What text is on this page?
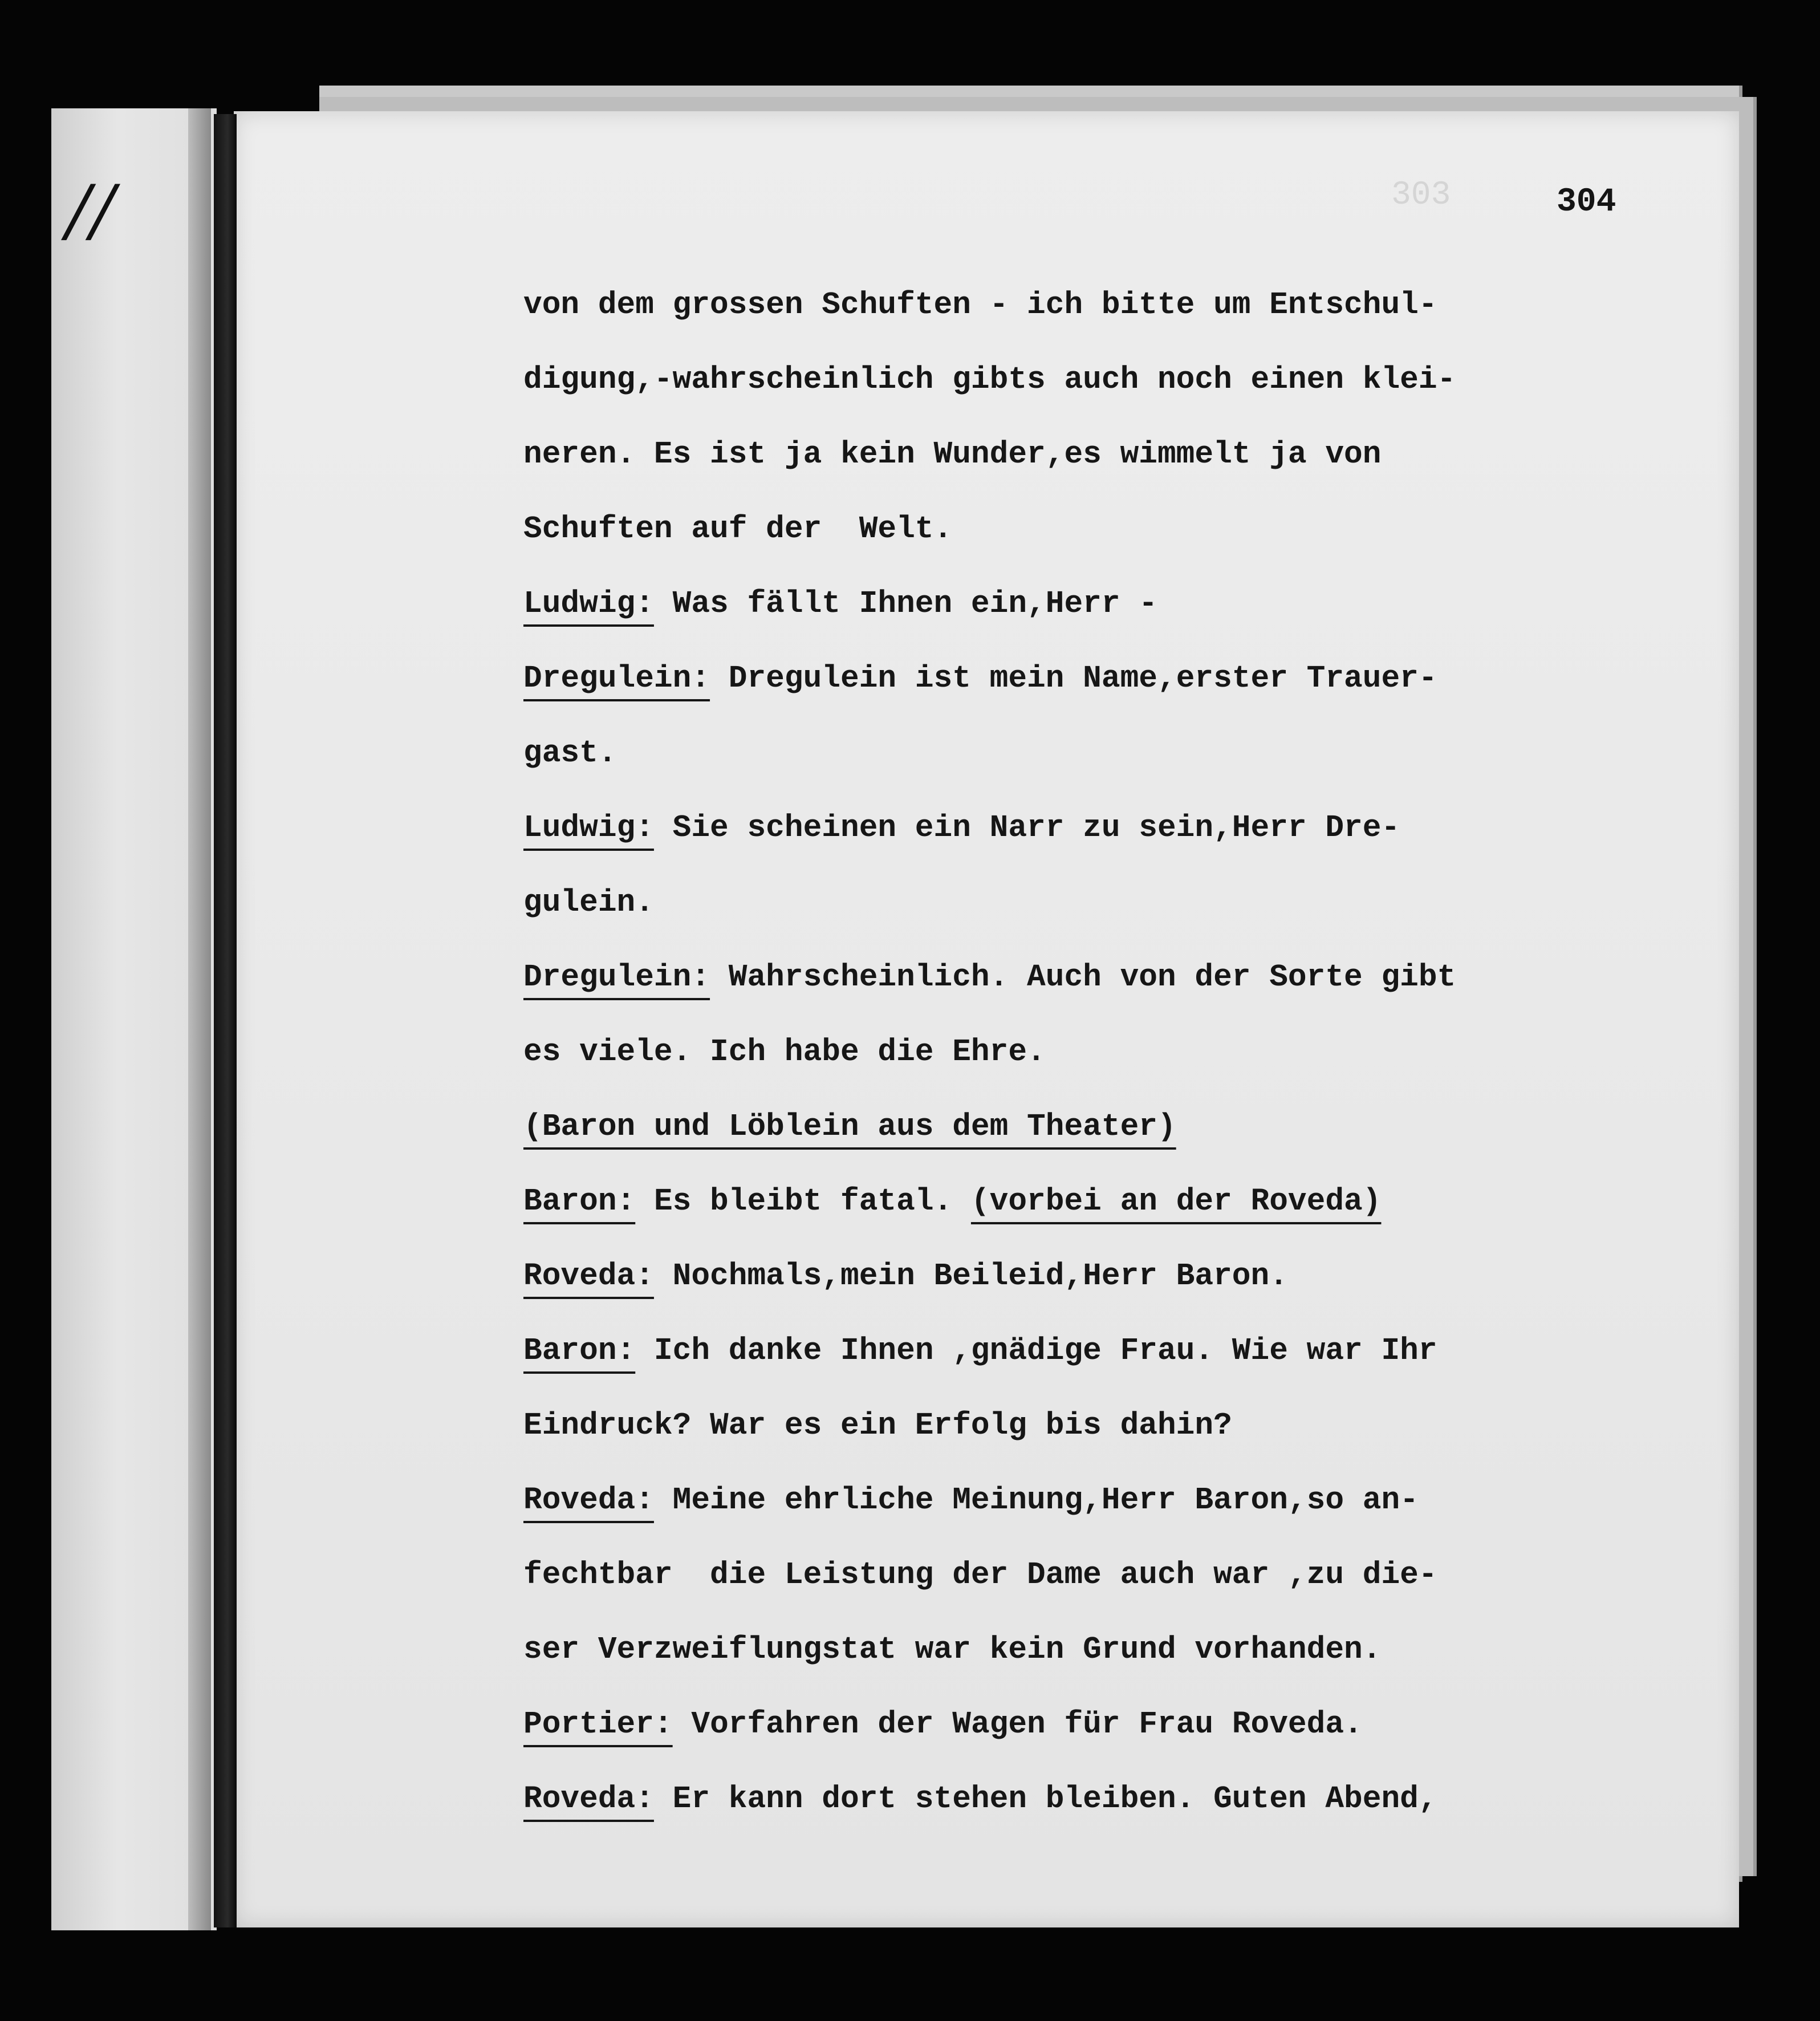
/ /	303	304
von dem grossen Schuften - ich bitte um Entschul-
digung,-wahrscheinlich gibts auch noch einen klei-
neren. Es ist ja kein Wunder,es wimmelt ja von
Schuften auf der  Welt.
Ludwig: Was fällt Ihnen ein,Herr -
Dregulein: Dregulein ist mein Name,erster Trauer-
gast.
Ludwig: Sie scheinen ein Narr zu sein,Herr Dre-
gulein.
Dregulein: Wahrscheinlich. Auch von der Sorte gibt
es viele. Ich habe die Ehre.
(Baron und Löblein aus dem Theater)
Baron: Es bleibt fatal. (vorbei an der Roveda)
Roveda: Nochmals,mein Beileid,Herr Baron.
Baron: Ich danke Ihnen ,gnädige Frau. Wie war Ihr
Eindruck? War es ein Erfolg bis dahin?
Roveda: Meine ehrliche Meinung,Herr Baron,so an-
fechtbar  die Leistung der Dame auch war ,zu die-
ser Verzweiflungstat war kein Grund vorhanden.
Portier: Vorfahren der Wagen für Frau Roveda.
Roveda: Er kann dort stehen bleiben. Guten Abend,
